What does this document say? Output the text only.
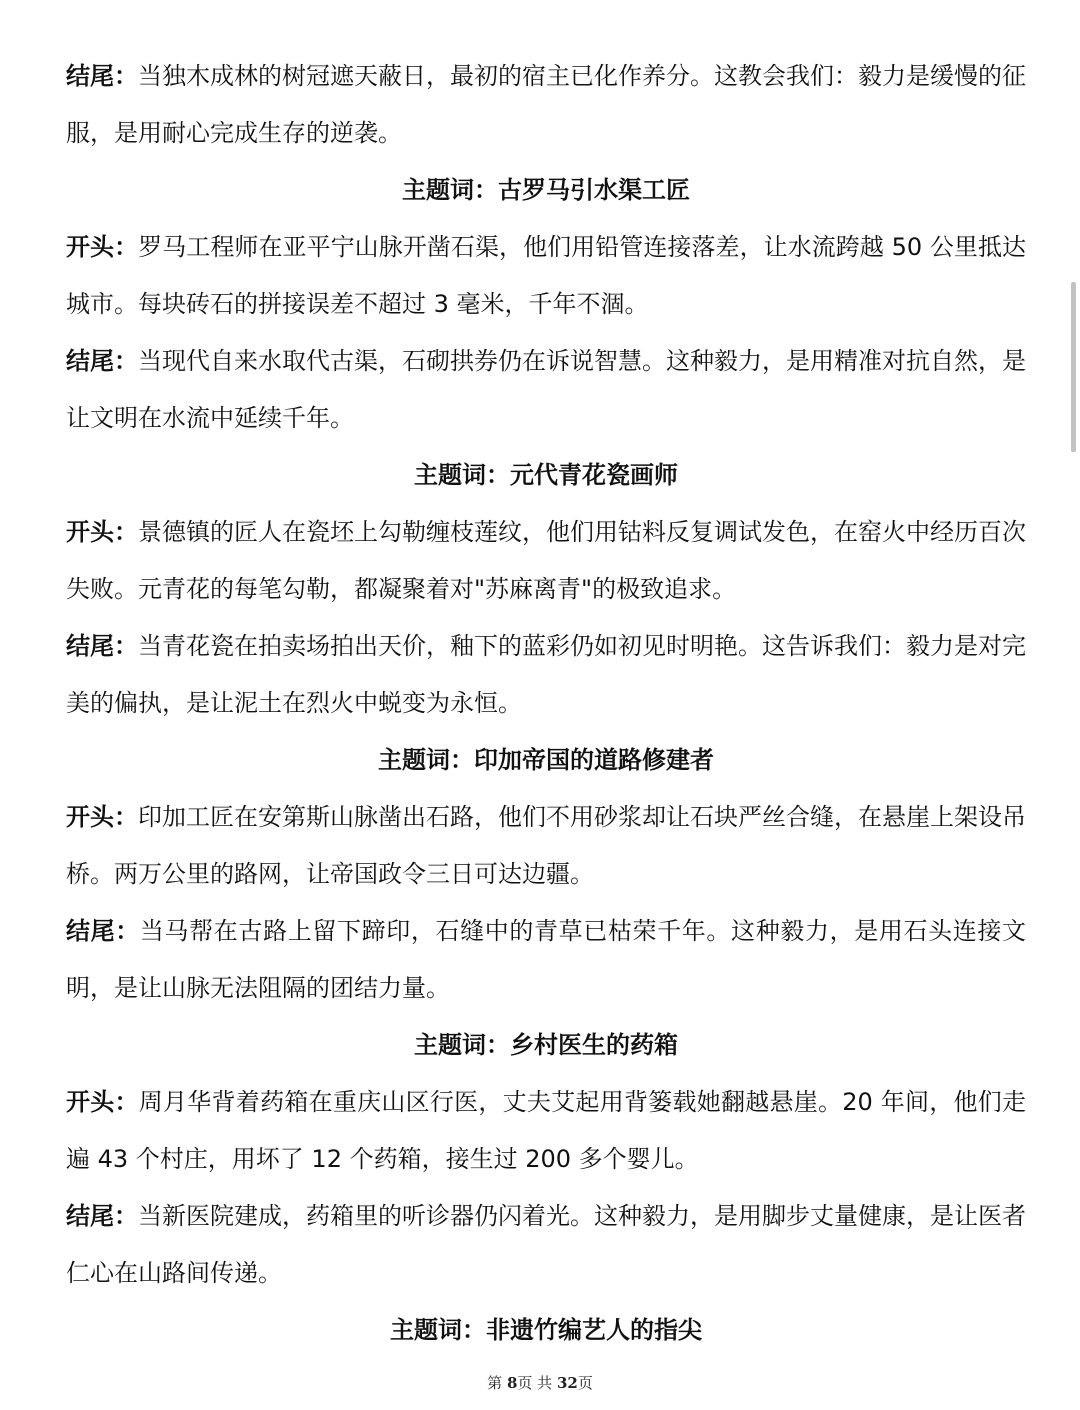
结尾：当独木成林的树冠遮天蔽日，最初的宿主已化作养分。这教会我们：毅力是缓慢的征服，是用耐心完成生存的逆袭。

主题词：古罗马引水渠工匠

开头：罗马工程师在亚平宁山脉开凿石渠，他们用铅管连接落差，让水流跨越 50 公里抵达城市。每块砖石的拼接误差不超过 3 毫米，千年不涸。

结尾：当现代自来水取代古渠，石砌拱券仍在诉说智慧。这种毅力，是用精准对抗自然，是让文明在水流中延续千年。

主题词：元代青花瓷画师

开头：景德镇的匠人在瓷坯上勾勒缠枝莲纹，他们用钴料反复调试发色，在窑火中经历百次失败。元青花的每笔勾勒，都凝聚着对"苏麻离青"的极致追求。

结尾：当青花瓷在拍卖场拍出天价，釉下的蓝彩仍如初见时明艳。这告诉我们：毅力是对完美的偏执，是让泥土在烈火中蜕变为永恒。

主题词：印加帝国的道路修建者

开头：印加工匠在安第斯山脉凿出石路，他们不用砂浆却让石块严丝合缝，在悬崖上架设吊桥。两万公里的路网，让帝国政令三日可达边疆。

结尾：当马帮在古路上留下蹄印，石缝中的青草已枯荣千年。这种毅力，是用石头连接文明，是让山脉无法阻隔的团结力量。

主题词：乡村医生的药箱

开头：周月华背着药箱在重庆山区行医，丈夫艾起用背篓载她翻越悬崖。20 年间，他们走遍 43 个村庄，用坏了 12 个药箱，接生过 200 多个婴儿。

结尾：当新医院建成，药箱里的听诊器仍闪着光。这种毅力，是用脚步丈量健康，是让医者仁心在山路间传递。

主题词：非遗竹编艺人的指尖

第 8页 共 32页
